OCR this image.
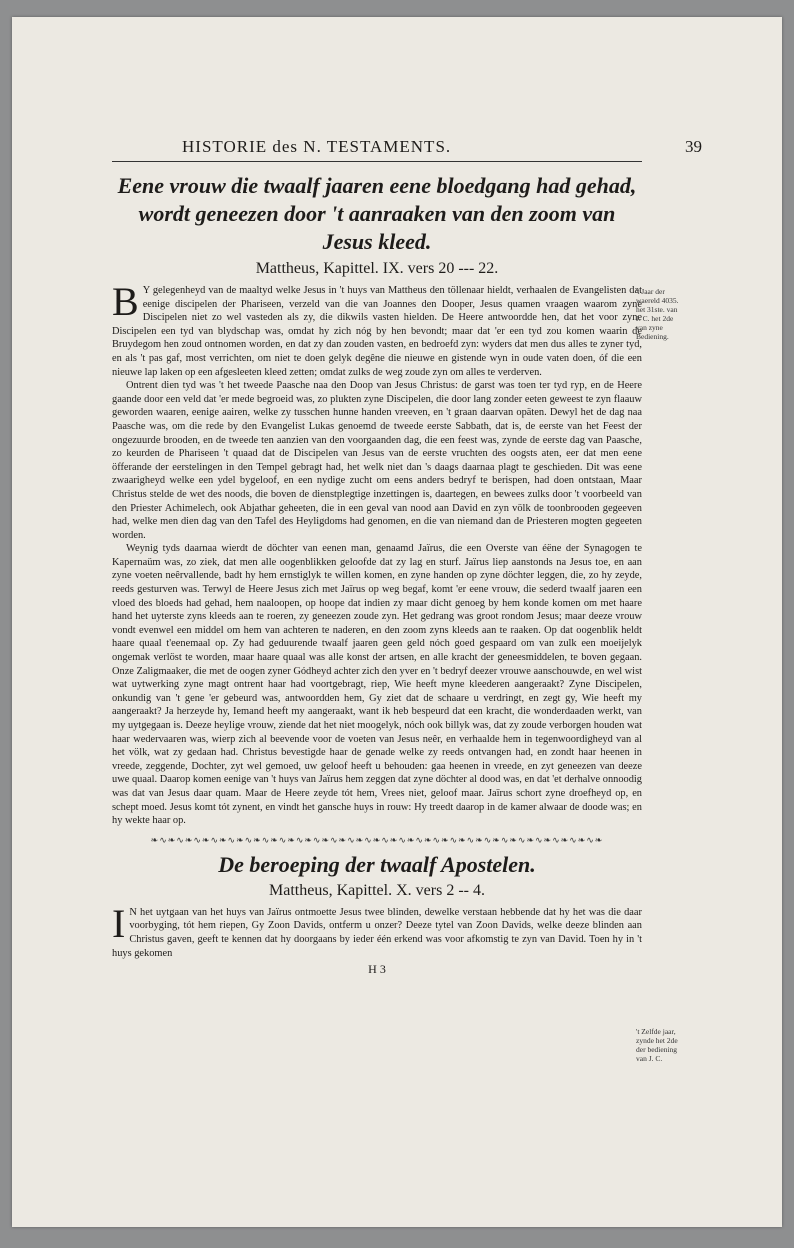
HISTORIE des N. TESTAMENTS.	39
Eene vrouw die twaalf jaaren eene bloedgang had gehad, wordt geneezen door 't aanraaken van den zoom van Jesus kleed.
Mattheus, Kapittel. IX. vers 20 --- 22.

B Y gelegenheyd van de maaltyd welke Jesus in 't huys van Mattheus den töllenaar hieldt, verhaalen de Evangelisten dat eenige discipelen der Phariseen, verzeld van die van Joannes den Dooper, Jesus quamen vraagen waarom zyne Discipelen niet zo wel vasteden als zy, die dikwils vasten hielden. De Heere antwoordde hen, dat het voor zyne Discipelen een tyd van blydschap was, omdat hy zich nóg by hen bevondt; maar dat 'er een tyd zou komen waarin de Bruydegom hen zoud ontnomen worden, en dat zy dan zouden vasten, en bedroefd zyn: wyders dat men dus alles te zyner tyd, en als 't pas gaf, most verrichten, om niet te doen gelyk degêne die nieuwe en gistende wyn in oude vaten doen, óf die een nieuwe lap laken op een afgesleeten kleed zetten; omdat zulks de weg zoude zyn om alles te verderven.

Ontrent dien tyd was 't het tweede Paasche naa den Doop van Jesus Christus: de garst was toen ter tyd ryp, en de Heere gaande door een veld dat 'er mede begroeid was, zo plukten zyne Discipelen, die door lang zonder eeten geweest te zyn flaauw geworden waaren, eenige aairen, welke zy tusschen hunne handen vreeven, en 't graan daarvan opäten. Dewyl het de dag naa Paasche was, om die rede by den Evangelist Lukas genoemd de tweede eerste Sabbath, dat is, de eerste van het Feest der ongezuurde brooden, en de tweede ten aanzien van den voorgaanden dag, die een feest was, zynde de eerste dag van Paasche, zo keurden de Phariseen 't quaad dat de Discipelen van Jesus van de eerste vruchten des oogsts aten, eer dat men eene öfferande der eerstelingen in den Tempel gebragt had, het welk niet dan 's daags daarnaa plagt te geschieden. Dit was eene zwaarigheyd welke een ydel bygeloof, en een nydige zucht om eens anders bedryf te berispen, had doen ontstaan, Maar Christus stelde de wet des noods, die boven de dienstplegtige inzettingen is, daartegen, en bewees zulks door 't voorbeeld van den Priester Achimelech, ook Abjathar geheeten, die in een geval van nood aan David en zyn völk de toonbrooden gegeeven had, welke men dien dag van den Tafel des Heyligdoms had genomen, en die van niemand dan de Priesteren mogten gegeeten worden.

Weynig tyds daarnaa wierdt de döchter van eenen man, genaamd Jaïrus, die een Overste van éëne der Synagogen te Kapernaüm was, zo ziek, dat men alle oogenblikken geloofde dat zy lag en sturf. Jaïrus liep aanstonds na Jesus toe, en aan zyne voeten neêrvallende, badt hy hem ernstiglyk te willen komen, en zyne handen op zyne döchter leggen, die, zo hy zeyde, reeds gesturven was. Terwyl de Heere Jesus zich met Jaïrus op weg begaf, komt 'er eene vrouw, die sederd twaalf jaaren een vloed des bloeds had gehad, hem naaloopen, op hoope dat indien zy maar dicht genoeg by hem konde komen om met haare hand het uyterste zyns kleeds aan te roeren, zy geneezen zoude zyn. Het gedrang was groot rondom Jesus; maar deeze vrouw vondt evenwel een middel om hem van achteren te naderen, en den zoom zyns kleeds aan te raaken. Op dat oogenblik heldt haare quaal t'eenemaal op. Zy had geduurende twaalf jaaren geen geld nóch goed gespaard om van zulk een moeijelyk ongemak verlöst te worden, maar haare quaal was alle konst der artsen, en alle kracht der geneesmiddelen, te boven gegaan. Onze Zaligmaaker, die met de oogen zyner Gódheyd achter zich den yver en 't bedryf deezer vrouwe aanschouwde, en wel wist wat uytwerking zyne magt ontrent haar had voortgebragt, riep, Wie heeft myne kleederen aangeraakt? Zyne Discipelen, onkundig van 't gene 'er gebeurd was, antwoordden hem, Gy ziet dat de schaare u verdringt, en zegt gy, Wie heeft my aangeraakt? Ja herzeyde hy, Iemand heeft my aangeraakt, want ik heb bespeurd dat een kracht, die wonderdaaden werkt, van my uytgegaan is. Deeze heylige vrouw, ziende dat het niet moogelyk, nóch ook billyk was, dat zy zoude verborgen houden wat haar wedervaaren was, wierp zich al beevende voor de voeten van Jesus neêr, en verhaalde hem in tegenwoordigheyd van al het völk, wat zy gedaan had. Christus bevestigde haar de genade welke zy reeds ontvangen had, en zondt haar heenen in vreede, zeggende, Dochter, zyt wel gemoed, uw geloof heeft u behouden: gaa heenen in vreede, en zyt geneezen van deeze uwe quaal. Daarop komen eenige van 't huys van Jaïrus hem zeggen dat zyne döchter al dood was, en dat 'et derhalve onnoodig was dat van Jesus daar quam. Maar de Heere zeyde tót hem, Vrees niet, geloof maar. Jaïrus schort zyne droefheyd op, en schept moed. Jesus komt tót zynent, en vindt het gansche huys in rouw: Hy treedt daarop in de kamer alwaar de doode was; en hy wekte haar op.

❧∿❧∿❧∿❧∿❧∿❧∿❧∿❧∿❧∿❧∿❧∿❧∿❧∿❧∿❧∿❧∿❧∿❧∿❧∿❧∿❧∿❧∿❧∿❧∿❧∿❧∿❧
De beroeping der twaalf Apostelen.
Mattheus, Kapittel. X. vers 2 -- 4.

I N het uytgaan van het huys van Jaïrus ontmoette Jesus twee blinden, dewelke verstaan hebbende dat hy het was die daar voorbyging, tót hem riepen, Gy Zoon Davids, ontferm u onzer? Deeze tytel van Zoon Davids, welke deeze blinden aan Christus gaven, geeft te kennen dat hy doorgaans by ieder één erkend was voor afkomstig te zyn van David. Toen hy in 't huys gekomen

H 3
't Jaar der waereld 4035. het 31ste. van J. C. het 2de van zyne Bediening.
't Zelfde jaar, zynde het 2de der bediening van J. C.
